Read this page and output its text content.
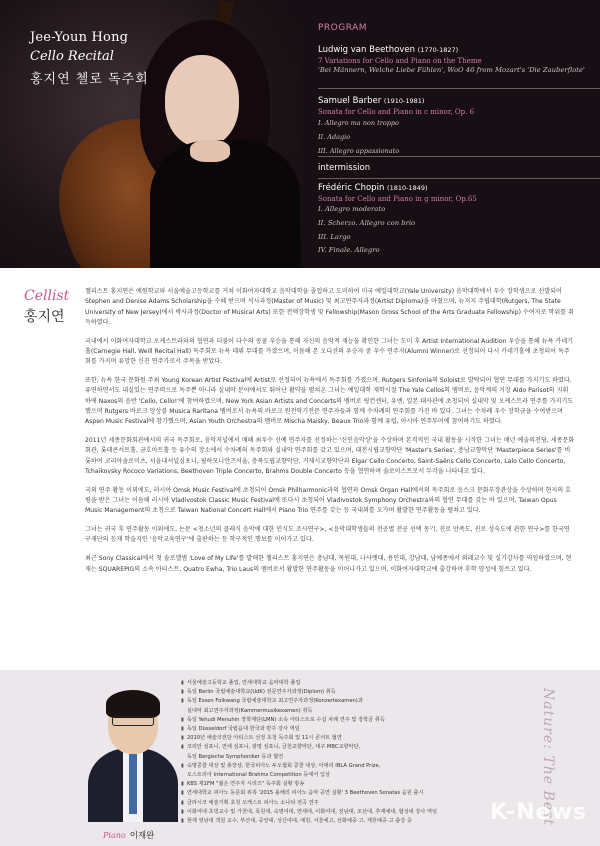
Jee-Youn Hong
Cello Recital
홍지연 첼로 독주회
PROGRAM
Ludwig van Beethoven (1770-1827)
7 Variations for Cello and Piano on the Theme
'Bei Männern, Welche Liebe Fühlen', WoO 46 from Mozart's 'Die Zauberflote'
Samuel Barber (1910-1981)
Sonata for Cello and Piano in c minor, Op. 6
I. Allegro ma non troppo
II. Adagio
III. Allegro appassionato
intermission
Frédéric Chopin (1810-1849)
Sonata for Cello and Piano in g minor, Op.65
I. Allegro moderato
II. Scherzo. Allegro con brio
III. Largo
IV. Finale. Allegro
Cellist
홍지연

첼리스트 홍지연은 예원학교와 서울예술고등학교를 거쳐 이화여자대학교 음악대학을 졸업하고 도미하여 미국 예일대학교(Yale University) 음악대학에서 우수 장학생으로 선발되어 Stephen and Denise Adams Scholarship을 수혜 받으며 석사과정(Master of Music) 및 최고연주자과정(Artist Diploma)을 마쳤으며, 뉴저지 주립대학(Rutgers, The State University of New Jersey)에서 박사과정(Doctor of Musical Arts) 또한 전액장학생 및 Fellowship(Mason Gross School of the Arts Graduate Fellowship) 수여자로 학위를 취득하였다.

국내에서 이화여자대학교 오케스트라와의 협연과 더불어 다수의 콩쿨 우승을 통해 자신의 음악적 재능을 확인한 그녀는 도미 후 Artist International Audition 우승을 통해 뉴욕 카네기홀(Carnegie Hall, Weill Recital Hall) 독주회로 뉴욕 데뷔 무대를 가졌으며, 이듬해 본 오디션의 우승자 중 우수 연주자(Alumni Winner)로 선정되어 다시 카네기홀에 초청되어 독주회를 가지며 유망한 신진 연주가로서 주목을 받았다.

또한, 뉴욕 한국 문화원 주최 Young Korean Artist Festival에 Artist로 선정되어 뉴욕에서 독주회를 가졌으며, Rutgers Sinfonia의 Soloist로 발탁되어 협연 무대를 가지기도 하였다. 유연하면서도 내실있는 연주력으로 독주뿐 아니라 실내악 분야에서도 뛰어난 활약을 펼쳐온 그녀는 예일대학 재학시절 The Yale Cellos의 멤버로, 음악계의 거장 Aldo Parisot의 지휘 하에 Naxos의 음반 'Cello, Cello!'에 참여하였으며, New York Asian Artists and Concerts의 멤버로 링컨센터, 유엔, 일본 대사관에 초청되어 실내악 및 오케스트라 연주를 가지기도 했으며 Rutgers 바로크 앙상블 Musica Raritana 멤버로서 뉴욕의 바로크 원전악기전문 연주자들과 함께 수차례의 연주회를 가진 바 있다. 그녀는 수차례 우수 장학금을 수여받으며 Aspen Music Festival에 참가했으며, Asian Youth Orchestra의 멤버로 Mischa Maisky, Beaux Trio와 함께 유럽, 아시아 연주투어에 참여하기도 하였다.

2011년 세종문화회관에서의 귀국 독주회로, 음악저널에서 매해 최우수 신예 연주자를 선정하는 '신인음악상'을 수상하며 본격적인 국내 활동을 시작한 그녀는 매년 예술의전당, 세종문화회관, 롯데콘서트홀, 금호아트홀 등 유수의 장소에서 수차례의 독주회와 실내악 연주회를 갖고 있으며, 대전시립교향악단 'Master's Series', 충남교향악단 'Masterpiece Series'를 비롯하여 코리아솔로이츠, 서울내셔널심포니, 필하모니안즈서울, 충북도립교향악단, 거제시교향악단과 Elgar Cello Concerto, Saint-Saëns Cello Concerto, Lalo Cello Concerto, Tchaikovsky Rococo Variations, Beethoven Triple Concerto, Brahms Double Concerto 등을 협연하며 솔로이스트로서 두각을 나타내고 있다.

국외 연주 활동 이외에도, 러시아 Omsk Music Festival에 초청되어 Omsk Philharmonic과의 협연과 Omsk Organ Hall에서의 독주회로 음스크 문화부장관상을 수상하며 현지의 호평을 받은 그녀는 이듬해 러시아 Vladivostok Classic Music Festival에 또다시 초청되어 Vladivostok Symphony Orchestra와의 협연 무대를 갖는 바 있으며, Taiwan Opus Music Management의 초청으로 Taiwan National Concert Hall에서 Piano Trio 연주를 갖는 등 국내외를 오가며 활발한 연주활동을 펼쳐고 있다.

그녀는 귀국 후 연주활동 이외에도, 논문 <청소년의 클래식 음악에 대한 인식도 조사연구>, <음악대학생들의 전공별 전공 선택 동기, 진로 만족도, 진로 성숙도에 관한 연구>를 한국연구재단의 등재 학술지인 '음악교육연구'에 출판하는 등 학구적인 행보를 이어가고 있다.

최근 Sony Classical에서 첫 솔로앨범 'Love of My Life'를 발매한 첼리스트 홍지연은 충남대, 목원대, 나사렛대, 용인대, 강남대, 남예종에서 외래교수 및 실기강사를 역임하였으며, 현재는 SQUAREPIG의 소속 아티스트, Quatro Ewha, Trio Laus의 멤버로서 활발한 연주활동을 이어나가고 있으며, 이화여자대학교에 출강하며 후학 양성에 힘쓰고 있다.

Piano 이재완
▮ 서울예술고등학교 졸업, 연세대학교 음악대학 졸업
▮ 독일 Berlin 국립예술대학교(UdK) 전문연주자과정(Diplom) 취득
▮ 독일 Essen Folkwang 국립예술대학교 최고연주자과정(Konzertexamen)과
실내악 최고연주자과정(Kammermusikexamen) 취득
▮ 독일 Yehudi Menuhin 장학재단(LMN) 소속 아티스트로 수십 차례 연주 및 장학금 취득
▮ 독일 Düsseldorf 국립음대 한국과 반주 강사 역임
▮ 2010년 예술의전당 아티스트 선정 초청 독주회 및 11시 콘서트 협연
▮ 코리안 심포니, 연세 심포니, 광명 심포니, 금천교향악단, 대구 MBC교향악단,
독일 Bergische Symphoniker 등과 협연
▮ 숙명콩쿨 대상 및 총장상, 한국피아노 두오협회 콩쿨 대상, 이태리 IBLA Grand Prize,
오스트리아 International Brahms Competition 등에서 입상
▮ KBS 제1FM "젊은 연주자 시리즈" 독주회 실황 방송
▮ 연세대학교 피아노 동문회 위촉 '2015 올해의 피아노 음악 공연 실황' 3 Beethoven Sonatas 음원 출시
▮ 클라시코 예술기획 초청 오케스트 피아노 소나타 전곡 연주
▮ 이화여대 초빙교수 및 가천대, 목원대, 숙명여대, 연세대, 이화여대, 전남대, 조선대, 추계예대, 협성대 강사 역임
▮ 현재 영남대 객원 교수, 부산대, 중앙대, 성신여대, 예원, 서울예고, 선화예중·고, 계원예중·고 출강 중	Nature: The Best
K-News
